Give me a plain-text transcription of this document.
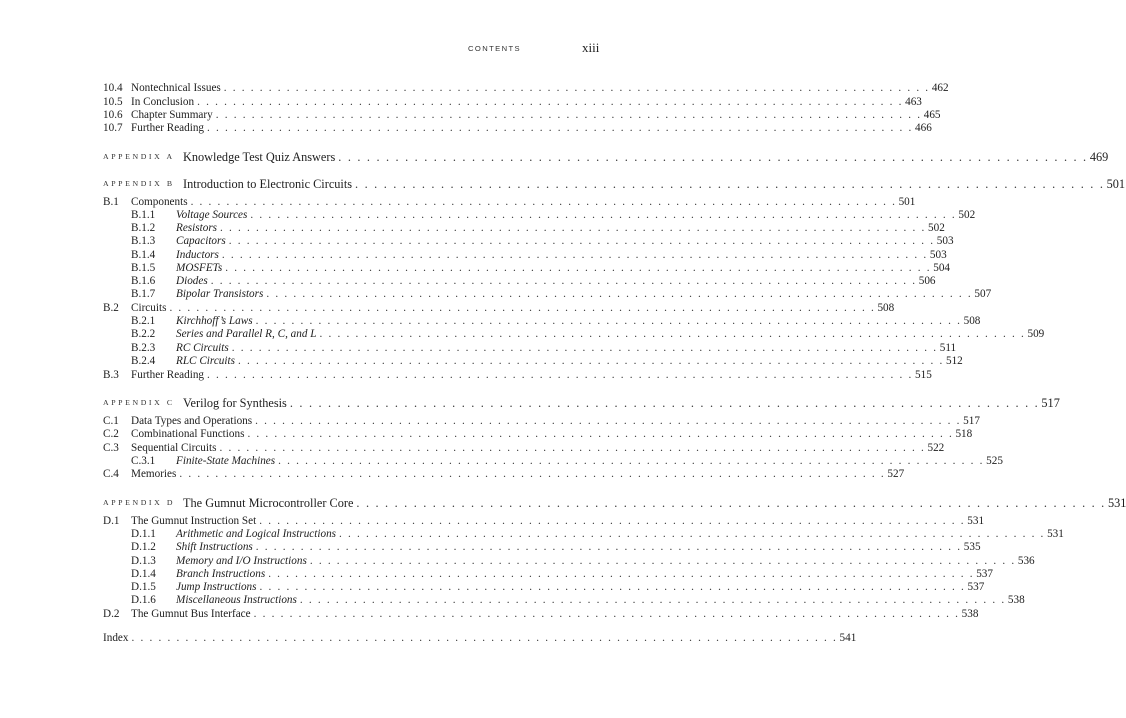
CONTENTS	xiii
10.4 Nontechnical Issues . . . . . . . . . . . . . . . . . . . . . . . . . . . . . . . . . . . . . . . . . . . . . . . . . . . . . . . . . . . . . . . . . . . . . . . . . . . . . . . 462
10.5 In Conclusion . . . . . . . . . . . . . . . . . . . . . . . . . . . . . . . . . . . . . . . . . . . . . . . . . . . . . . . . . . . . . . . . . . . . . . . . . . . . . . . 463
10.6 Chapter Summary . . . . . . . . . . . . . . . . . . . . . . . . . . . . . . . . . . . . . . . . . . . . . . . . . . . . . . . . . . . . . . . . . . . . . . . . . . . . . . . 465
10.7 Further Reading . . . . . . . . . . . . . . . . . . . . . . . . . . . . . . . . . . . . . . . . . . . . . . . . . . . . . . . . . . . . . . . . . . . . . . . . . . . . . . . 466
APPENDIX A Knowledge Test Quiz Answers . . . . . . . . . . . . . . . . . . . . . . . . . . . . . . . . . . . . . . . . . . . . . . . . . . . . . . . . . . . . . . . . . . . . . . . . . . . . . . . 469
APPENDIX B Introduction to Electronic Circuits . . . . . . . . . . . . . . . . . . . . . . . . . . . . . . . . . . . . . . . . . . . . . . . . . . . . . . . . . . . . . . . . . . . . . . . . . . . . . . . 501
B.1 Components . . . . . . . . . . . . . . . . . . . . . . . . . . . . . . . . . . . . . . . . . . . . . . . . . . . . . . . . . . . . . . . . . . . . . . . . . . . . . . . 501
B.1.1 Voltage Sources . . . . . . . . . . . . . . . . . . . . . . . . . . . . . . . . . . . . . . . . . . . . . . . . . . . . . . . . . . . . . . . . . . . . . . . . . . . . . . . 502
B.1.2 Resistors . . . . . . . . . . . . . . . . . . . . . . . . . . . . . . . . . . . . . . . . . . . . . . . . . . . . . . . . . . . . . . . . . . . . . . . . . . . . . . . 502
B.1.3 Capacitors . . . . . . . . . . . . . . . . . . . . . . . . . . . . . . . . . . . . . . . . . . . . . . . . . . . . . . . . . . . . . . . . . . . . . . . . . . . . . . . 503
B.1.4 Inductors . . . . . . . . . . . . . . . . . . . . . . . . . . . . . . . . . . . . . . . . . . . . . . . . . . . . . . . . . . . . . . . . . . . . . . . . . . . . . . . 503
B.1.5 MOSFETs . . . . . . . . . . . . . . . . . . . . . . . . . . . . . . . . . . . . . . . . . . . . . . . . . . . . . . . . . . . . . . . . . . . . . . . . . . . . . . . 504
B.1.6 Diodes . . . . . . . . . . . . . . . . . . . . . . . . . . . . . . . . . . . . . . . . . . . . . . . . . . . . . . . . . . . . . . . . . . . . . . . . . . . . . . . 506
B.1.7 Bipolar Transistors . . . . . . . . . . . . . . . . . . . . . . . . . . . . . . . . . . . . . . . . . . . . . . . . . . . . . . . . . . . . . . . . . . . . . . . . . . . . . . . 507
B.2 Circuits . . . . . . . . . . . . . . . . . . . . . . . . . . . . . . . . . . . . . . . . . . . . . . . . . . . . . . . . . . . . . . . . . . . . . . . . . . . . . . . 508
B.2.1 Kirchhoff’s Laws . . . . . . . . . . . . . . . . . . . . . . . . . . . . . . . . . . . . . . . . . . . . . . . . . . . . . . . . . . . . . . . . . . . . . . . . . . . . . . . 508
B.2.2 Series and Parallel R, C, and L . . . . . . . . . . . . . . . . . . . . . . . . . . . . . . . . . . . . . . . . . . . . . . . . . . . . . . . . . . . . . . . . . . . . . . . . . . . . . . . 509
B.2.3 RC Circuits . . . . . . . . . . . . . . . . . . . . . . . . . . . . . . . . . . . . . . . . . . . . . . . . . . . . . . . . . . . . . . . . . . . . . . . . . . . . . . . 511
B.2.4 RLC Circuits . . . . . . . . . . . . . . . . . . . . . . . . . . . . . . . . . . . . . . . . . . . . . . . . . . . . . . . . . . . . . . . . . . . . . . . . . . . . . . . 512
B.3 Further Reading . . . . . . . . . . . . . . . . . . . . . . . . . . . . . . . . . . . . . . . . . . . . . . . . . . . . . . . . . . . . . . . . . . . . . . . . . . . . . . . 515
APPENDIX C Verilog for Synthesis . . . . . . . . . . . . . . . . . . . . . . . . . . . . . . . . . . . . . . . . . . . . . . . . . . . . . . . . . . . . . . . . . . . . . . . . . . . . . . . 517
C.1 Data Types and Operations . . . . . . . . . . . . . . . . . . . . . . . . . . . . . . . . . . . . . . . . . . . . . . . . . . . . . . . . . . . . . . . . . . . . . . . . . . . . . . . 517
C.2 Combinational Functions . . . . . . . . . . . . . . . . . . . . . . . . . . . . . . . . . . . . . . . . . . . . . . . . . . . . . . . . . . . . . . . . . . . . . . . . . . . . . . . 518
C.3 Sequential Circuits . . . . . . . . . . . . . . . . . . . . . . . . . . . . . . . . . . . . . . . . . . . . . . . . . . . . . . . . . . . . . . . . . . . . . . . . . . . . . . . 522
C.3.1 Finite-State Machines . . . . . . . . . . . . . . . . . . . . . . . . . . . . . . . . . . . . . . . . . . . . . . . . . . . . . . . . . . . . . . . . . . . . . . . . . . . . . . . 525
C.4 Memories . . . . . . . . . . . . . . . . . . . . . . . . . . . . . . . . . . . . . . . . . . . . . . . . . . . . . . . . . . . . . . . . . . . . . . . . . . . . . . . 527
APPENDIX D The Gumnut Microcontroller Core . . . . . . . . . . . . . . . . . . . . . . . . . . . . . . . . . . . . . . . . . . . . . . . . . . . . . . . . . . . . . . . . . . . . . . . . . . . . . . . 531
D.1 The Gumnut Instruction Set . . . . . . . . . . . . . . . . . . . . . . . . . . . . . . . . . . . . . . . . . . . . . . . . . . . . . . . . . . . . . . . . . . . . . . . . . . . . . . . 531
D.1.1 Arithmetic and Logical Instructions . . . . . . . . . . . . . . . . . . . . . . . . . . . . . . . . . . . . . . . . . . . . . . . . . . . . . . . . . . . . . . . . . . . . . . . . . . . . . . . 531
D.1.2 Shift Instructions . . . . . . . . . . . . . . . . . . . . . . . . . . . . . . . . . . . . . . . . . . . . . . . . . . . . . . . . . . . . . . . . . . . . . . . . . . . . . . . 535
D.1.3 Memory and I/O Instructions . . . . . . . . . . . . . . . . . . . . . . . . . . . . . . . . . . . . . . . . . . . . . . . . . . . . . . . . . . . . . . . . . . . . . . . . . . . . . . . 536
D.1.4 Branch Instructions . . . . . . . . . . . . . . . . . . . . . . . . . . . . . . . . . . . . . . . . . . . . . . . . . . . . . . . . . . . . . . . . . . . . . . . . . . . . . . . 537
D.1.5 Jump Instructions . . . . . . . . . . . . . . . . . . . . . . . . . . . . . . . . . . . . . . . . . . . . . . . . . . . . . . . . . . . . . . . . . . . . . . . . . . . . . . . 537
D.1.6 Miscellaneous Instructions . . . . . . . . . . . . . . . . . . . . . . . . . . . . . . . . . . . . . . . . . . . . . . . . . . . . . . . . . . . . . . . . . . . . . . . . . . . . . . . 538
D.2 The Gumnut Bus Interface . . . . . . . . . . . . . . . . . . . . . . . . . . . . . . . . . . . . . . . . . . . . . . . . . . . . . . . . . . . . . . . . . . . . . . . . . . . . . . . 538
Index . . . . . . . . . . . . . . . . . . . . . . . . . . . . . . . . . . . . . . . . . . . . . . . . . . . . . . . . . . . . . . . . . . . . . . . . . . . . . . . 541
